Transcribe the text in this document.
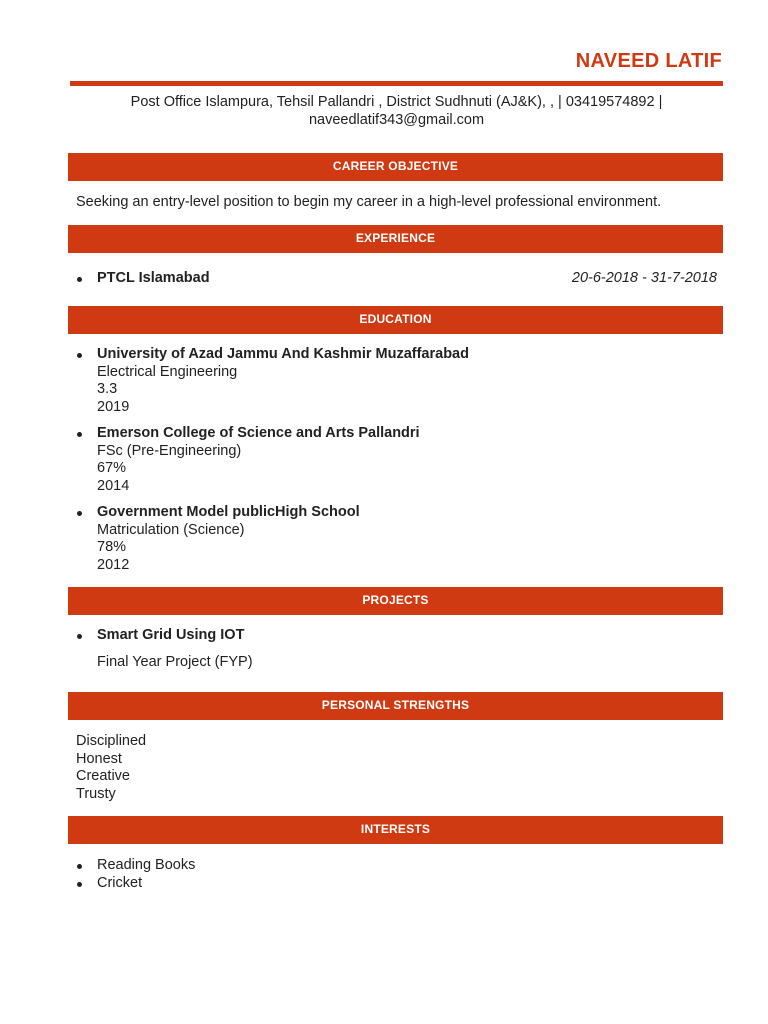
NAVEED LATIF
Post Office Islampura, Tehsil Pallandri , District Sudhnuti (AJ&K), , | 03419574892 |
naveedlatif343@gmail.com
CAREER OBJECTIVE
Seeking an entry-level position to begin my career in a high-level professional environment.
EXPERIENCE
PTCL Islamabad	20-6-2018 - 31-7-2018
EDUCATION
University of Azad Jammu And Kashmir Muzaffarabad
Electrical Engineering
3.3
2019
Emerson College of Science and Arts Pallandri
FSc (Pre-Engineering)
67%
2014
Government Model publicHigh School
Matriculation (Science)
78%
2012
PROJECTS
Smart Grid Using IOT
Final Year Project (FYP)
PERSONAL STRENGTHS
Disciplined
Honest
Creative
Trusty
INTERESTS
Reading Books
Cricket
